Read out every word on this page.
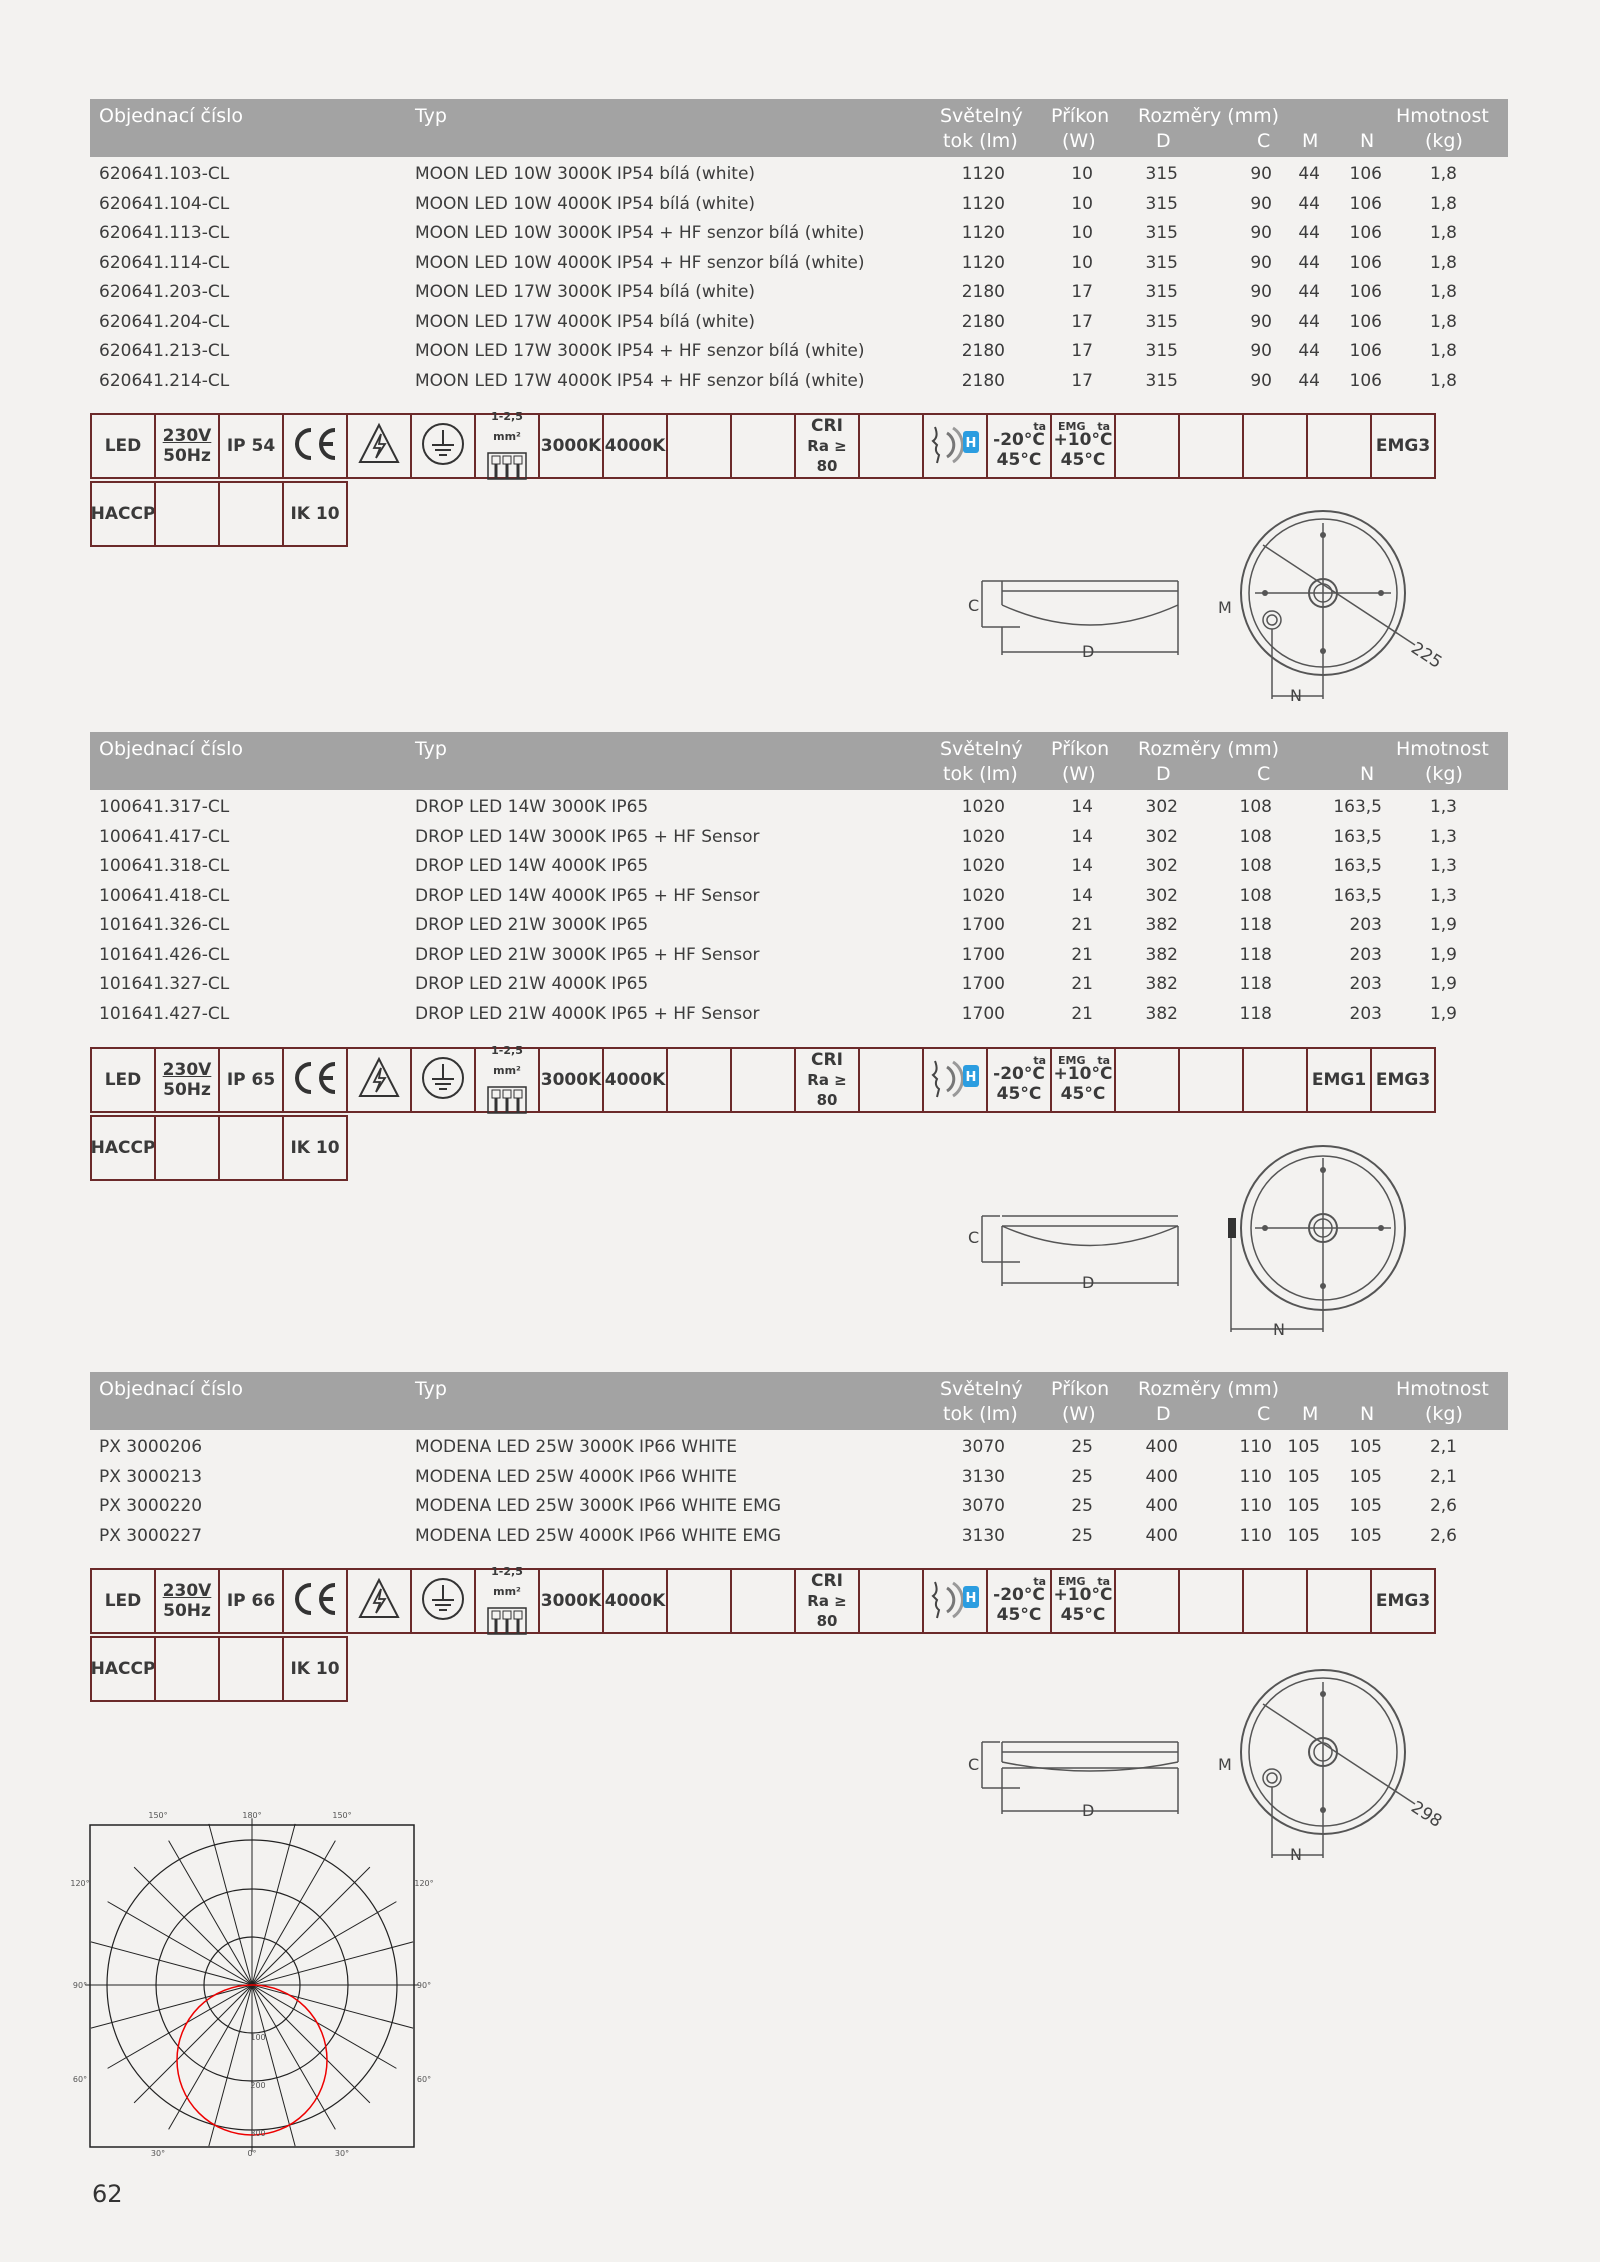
Objednací číslo	Typ	Světelný
tok (lm)
Příkon
(W)
Rozměry (mm)
D	C M N
Hmotnost
(kg)
620641.103-CL	MOON LED 10W 3000K IP54 bílá (white)	1120	10	315	90 44 106	1,8
620641.104-CL	MOON LED 10W 4000K IP54 bílá (white)	1120	10	315	90 44 106	1,8
620641.113-CL	MOON LED 10W 3000K IP54 + HF senzor bílá (white)	1120	10	315	90 44 106	1,8
620641.114-CL	MOON LED 10W 4000K IP54 + HF senzor bílá (white)	1120	10	315	90 44 106	1,8
620641.203-CL	MOON LED 17W 3000K IP54 bílá (white)	2180	17	315	90 44 106	1,8
620641.204-CL	MOON LED 17W 4000K IP54 bílá (white)	2180	17	315	90 44 106	1,8
620641.213-CL	MOON LED 17W 3000K IP54 + HF senzor bílá (white)	2180	17	315	90 44 106	1,8
620641.214-CL	MOON LED 17W 4000K IP54 + HF senzor bílá (white)	2180	17	315	90 44 106	1,8
LED 230V
50Hz IP 54
1-2,5 mm²	3000K 4000K
CRI
Ra ≥ 80
H
ta
-20°C
45°C
EMG ta
+10°C
45°C
EMG3
HACCP	IK 10
C
D
M
N
225
Objednací číslo	Typ	Světelný
tok (lm)
Příkon
(W)
Rozměry (mm)
D	C	N
Hmotnost
(kg)
100641.317-CL	DROP LED 14W 3000K IP65	1020	14	302	108	163,5	1,3
100641.417-CL	DROP LED 14W 3000K IP65 + HF Sensor	1020	14	302	108	163,5	1,3
100641.318-CL	DROP LED 14W 4000K IP65	1020	14	302	108	163,5	1,3
100641.418-CL	DROP LED 14W 4000K IP65 + HF Sensor	1020	14	302	108	163,5	1,3
101641.326-CL	DROP LED 21W 3000K IP65	1700	21	382	118	203	1,9
101641.426-CL	DROP LED 21W 3000K IP65 + HF Sensor	1700	21	382	118	203	1,9
101641.327-CL	DROP LED 21W 4000K IP65	1700	21	382	118	203	1,9
101641.427-CL	DROP LED 21W 4000K IP65 + HF Sensor	1700	21	382	118	203	1,9
LED 230V
50Hz IP 65
1-2,5 mm²	3000K 4000K
CRI
Ra ≥ 80
H
ta
-20°C
45°C
EMG ta
+10°C
45°C
EMG1 EMG3
HACCP	IK 10
C
D
N
Objednací číslo	Typ	Světelný
tok (lm)
Příkon
(W)
Rozměry (mm)
D	C M N
Hmotnost
(kg)
PX 3000206	MODENA LED 25W 3000K IP66 WHITE	3070	25	400	110 105 105	2,1
PX 3000213	MODENA LED 25W 4000K IP66 WHITE	3130	25	400	110 105 105	2,1
PX 3000220	MODENA LED 25W 3000K IP66 WHITE EMG	3070	25	400	110 105 105	2,6
PX 3000227	MODENA LED 25W 4000K IP66 WHITE EMG	3130	25	400	110 105 105	2,6
LED 230V
50Hz IP 66
1-2,5 mm²	3000K 4000K
CRI
Ra ≥ 80
H
ta
-20°C
45°C
EMG ta
+10°C
45°C
EMG3
HACCP	IK 10
C
D
M
N
298
150°	180°	150°
120°
90°
60°
120°
90°
60°
30°	0°	30°
100
200
300
62
